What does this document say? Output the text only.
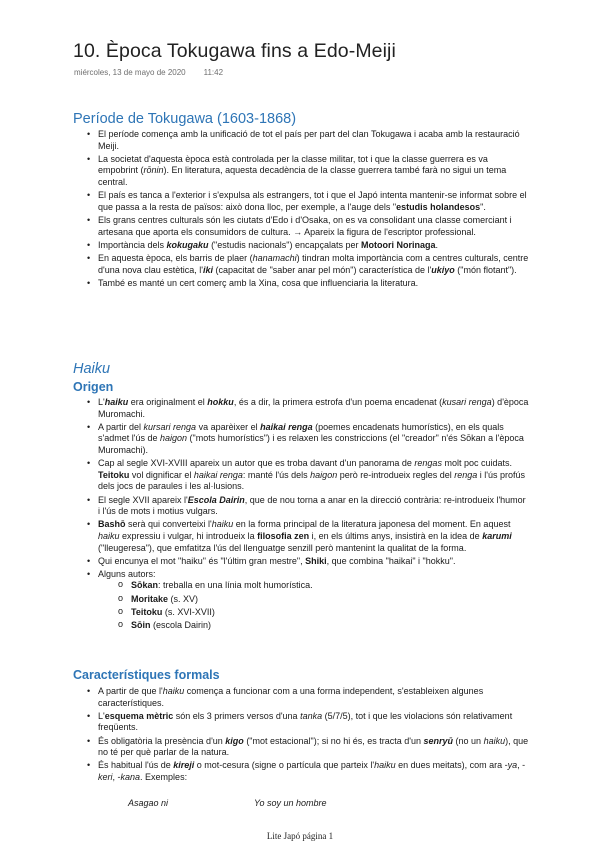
10. Època Tokugawa fins a Edo-Meiji
miércoles, 13 de mayo de 2020 11:42
Període de Tokugawa (1603-1868)
• El període comença amb la unificació de tot el país per part del clan Tokugawa i acaba amb la restauració Meiji.
• La societat d'aquesta època està controlada per la classe militar, tot i que la classe guerrera es va empobrint (rōnin). En literatura, aquesta decadència de la classe guerrera també farà no sigui un tema central.
• El país es tanca a l'exterior i s'expulsa als estrangers, tot i que el Japó intenta mantenir-se informat sobre el que passa a la resta de països: això dona lloc, per exemple, a l'auge dels "estudis holandesos".
• Els grans centres culturals són les ciutats d'Edo i d'Osaka, on es va consolidant una classe comerciant i artesana que aporta els consumidors de cultura. → Apareix la figura de l'escriptor professional.
• Importància dels kokugaku ("estudis nacionals") encapçalats per Motoori Norinaga.
• En aquesta època, els barris de plaer (hanamachi) tindran molta importància com a centres culturals, centre d'una nova clau estètica, l'iki (capacitat de "saber anar pel món") característica de l'ukiyo ("món flotant").
• També es manté un cert comerç amb la Xina, cosa que influenciaria la literatura.
Haiku
Origen
• L'haiku era originalment el hokku, és a dir, la primera estrofa d'un poema encadenat (kusari renga) d'època Muromachi.
• A partir del kursari renga va aparèixer el haikai renga (poemes encadenats humorístics), en els quals s'admet l'ús de haigon ("mots humorístics") i es relaxen les constriccions (el "creador" n'és Sōkan a l'època Muromachi).
• Cap al segle XVI-XVIII apareix un autor que es troba davant d'un panorama de rengas molt poc cuidats. Teitoku vol dignificar el haikai renga: manté l'ús dels haigon però re-introdueix regles del renga i l'ús profús dels jocs de paraules i les al·lusions.
• El segle XVII apareix l'Escola Dairin, que de nou torna a anar en la direcció contrària: re-introdueix l'humor i l'ús de mots i motius vulgars.
• Bashō serà qui converteixi l'haiku en la forma principal de la literatura japonesa del moment. En aquest haiku expressiu i vulgar, hi introdueix la filosofia zen i, en els últims anys, insistirà en la idea de karumi ("lleugeresa"), que emfatitza l'ús del llenguatge senzill però mantenint la qualitat de la forma.
• Qui encunya el mot "haiku" és "l'últim gran mestre", Shiki, que combina "haikai" i "hokku".
• Alguns autors:
o Sōkan: treballa en una línia molt humorística.
o Moritake (s. XV)
o Teitoku (s. XVI-XVII)
o Sōin (escola Dairin)
Característiques formals
• A partir de que l'haiku comença a funcionar com a una forma independent, s'estableixen algunes característiques.
• L'esquema mètric són els 3 primers versos d'una tanka (5/7/5), tot i que les violacions són relativament freqüents.
• És obligatòria la presència d'un kigo ("mot estacional"); si no hi és, es tracta d'un senryū (no un haiku), que no té per què parlar de la natura.
• És habitual l'ús de kireji o mot-cesura (signe o partícula que parteix l'haiku en dues meitats), com ara -ya, -keri, -kana. Exemples:
Asagao ni	Yo soy un hombre
Lite Japó página 1
